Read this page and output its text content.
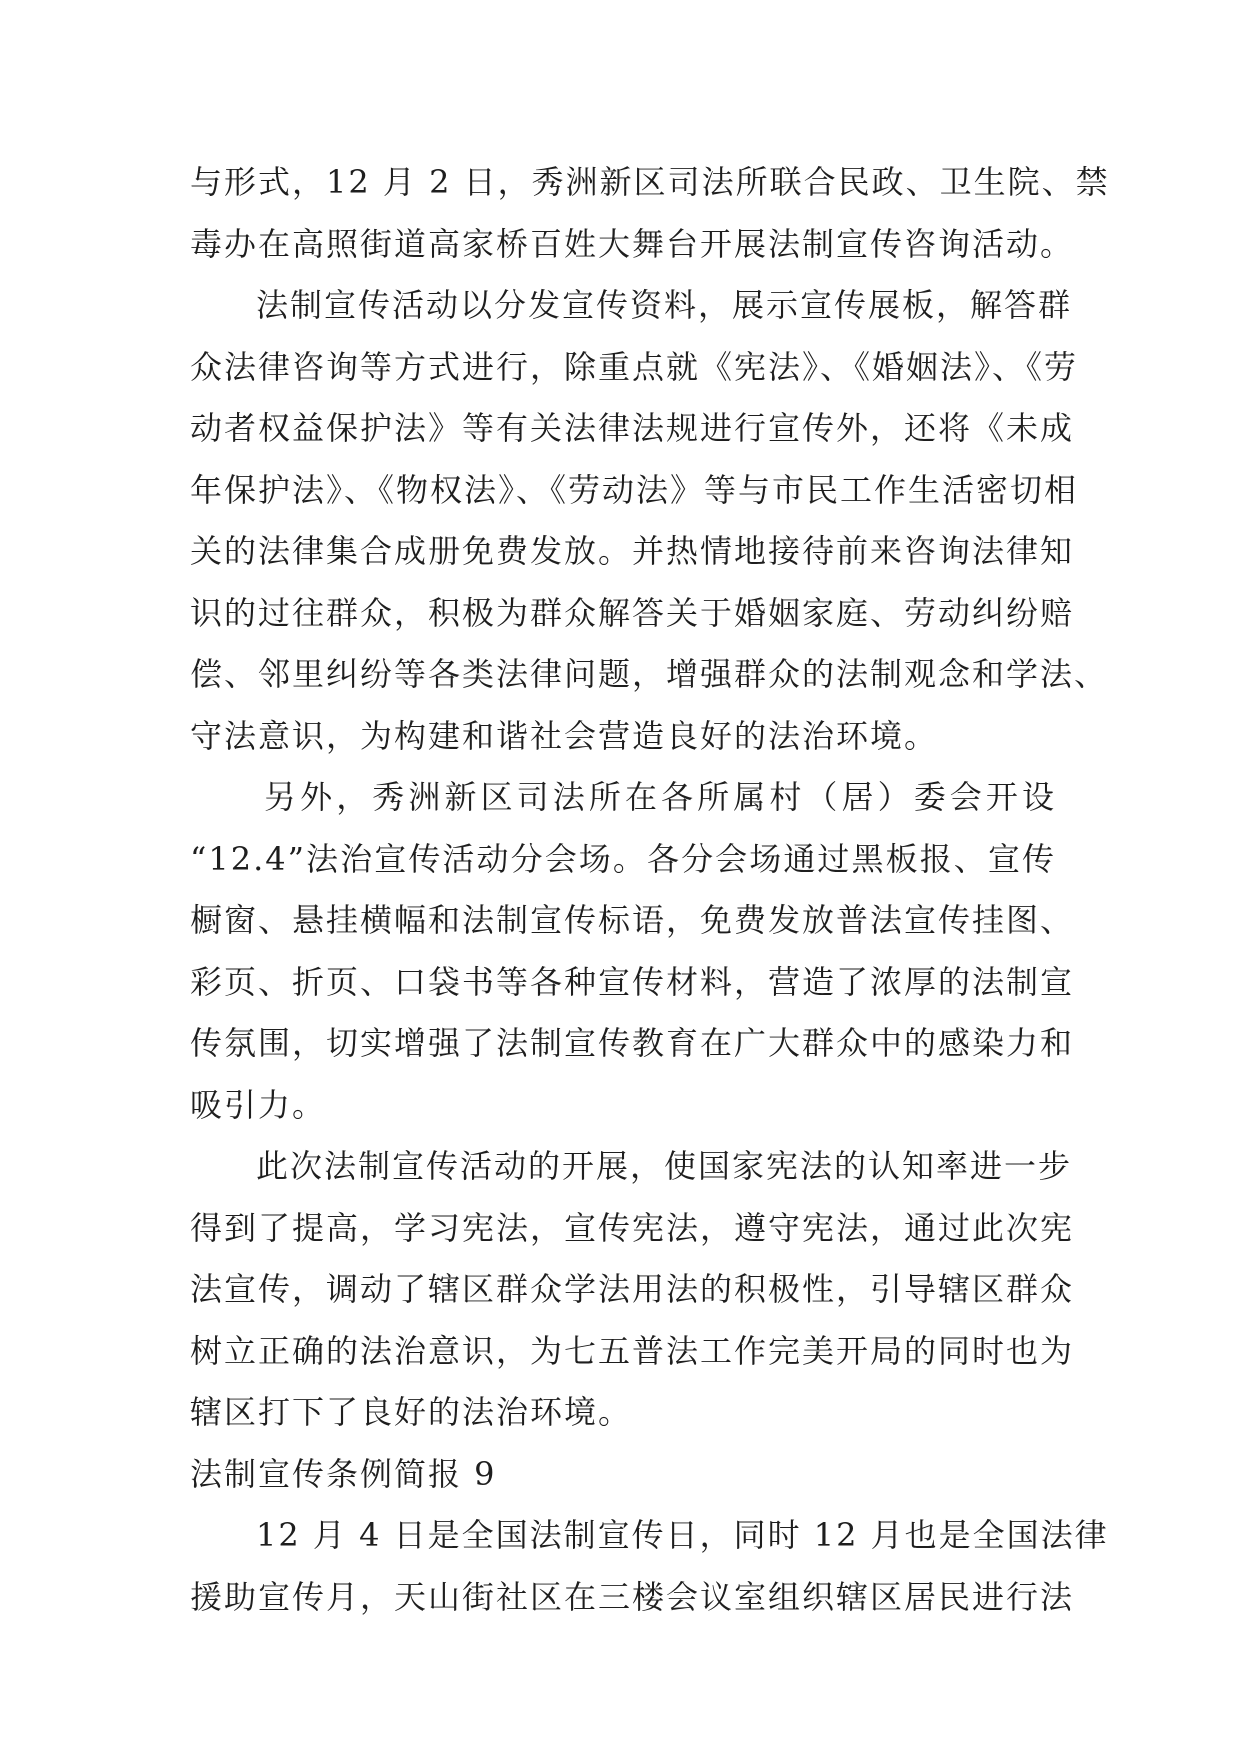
与形式，12 月 2 日，秀洲新区司法所联合民政、卫生院、禁
毒办在高照街道高家桥百姓大舞台开展法制宣传咨询活动。
法制宣传活动以分发宣传资料，展示宣传展板，解答群
众法律咨询等方式进行，除重点就《宪法》、《婚姻法》、《劳
动者权益保护法》等有关法律法规进行宣传外，还将《未成
年保护法》、《物权法》、《劳动法》等与市民工作生活密切相
关的法律集合成册免费发放。并热情地接待前来咨询法律知
识的过往群众，积极为群众解答关于婚姻家庭、劳动纠纷赔
偿、邻里纠纷等各类法律问题，增强群众的法制观念和学法、
守法意识，为构建和谐社会营造良好的法治环境。
另外，秀洲新区司法所在各所属村（居）委会开设
“12.4”法治宣传活动分会场。各分会场通过黑板报、宣传
橱窗、悬挂横幅和法制宣传标语，免费发放普法宣传挂图、
彩页、折页、口袋书等各种宣传材料，营造了浓厚的法制宣
传氛围，切实增强了法制宣传教育在广大群众中的感染力和
吸引力。
此次法制宣传活动的开展，使国家宪法的认知率进一步
得到了提高，学习宪法，宣传宪法，遵守宪法，通过此次宪
法宣传，调动了辖区群众学法用法的积极性，引导辖区群众
树立正确的法治意识，为七五普法工作完美开局的同时也为
辖区打下了良好的法治环境。
法制宣传条例简报 9
12 月 4 日是全国法制宣传日，同时 12 月也是全国法律
援助宣传月，天山街社区在三楼会议室组织辖区居民进行法
